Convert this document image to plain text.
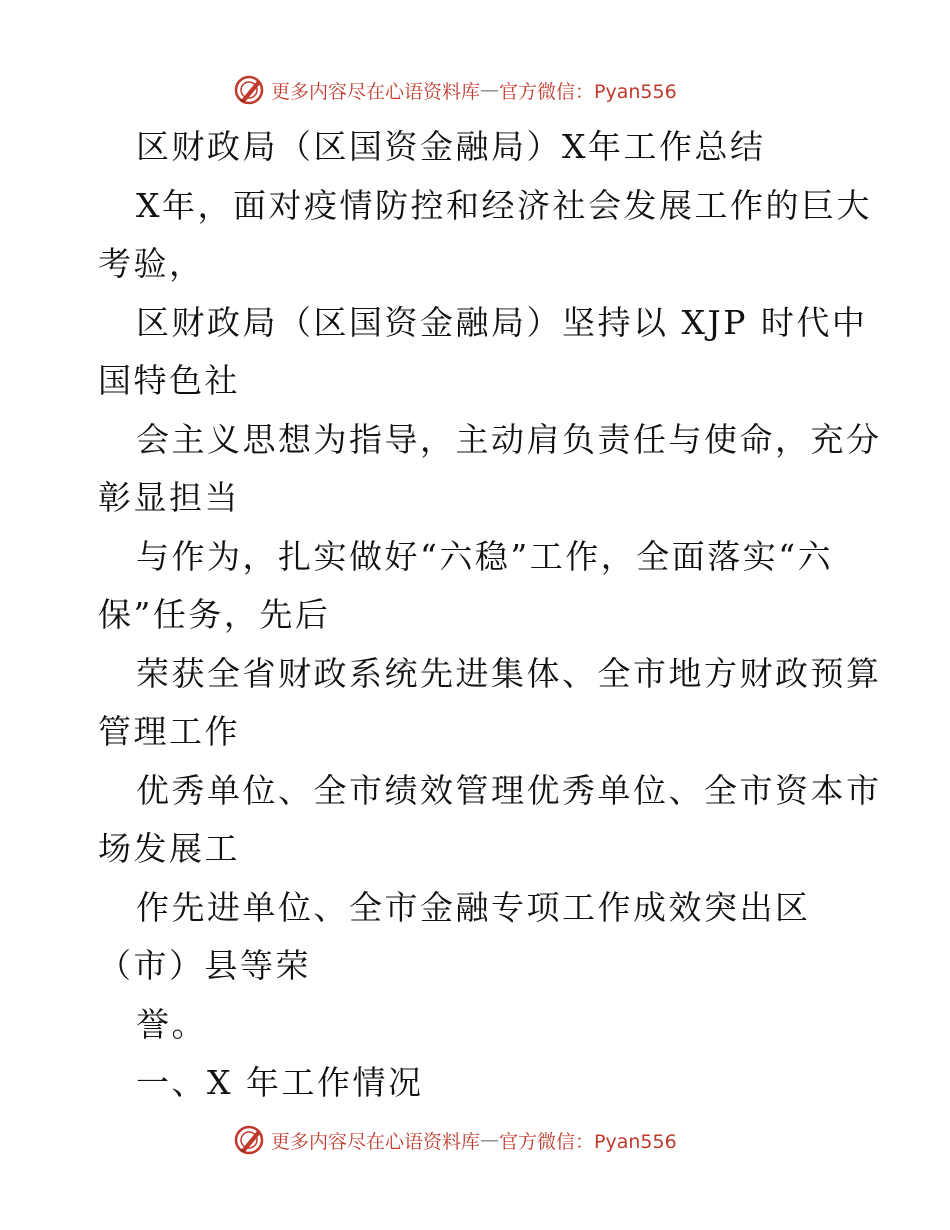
更多内容尽在心语资料库 — 官方微信：Pyan556
区财政局（区国资金融局）X年工作总结
X年，面对疫情防控和经济社会发展工作的巨大
考验，
区财政局（区国资金融局）坚持以 XJP 时代中
国特色社
会主义思想为指导，主动肩负责任与使命，充分
彰显担当
与作为，扎实做好“六稳”工作，全面落实“六
保”任务，先后
荣获全省财政系统先进集体、全市地方财政预算
管理工作
优秀单位、全市绩效管理优秀单位、全市资本市
场发展工
作先进单位、全市金融专项工作成效突出区
（市）县等荣
誉。
一、X 年工作情况
更多内容尽在心语资料库 — 官方微信：Pyan556
